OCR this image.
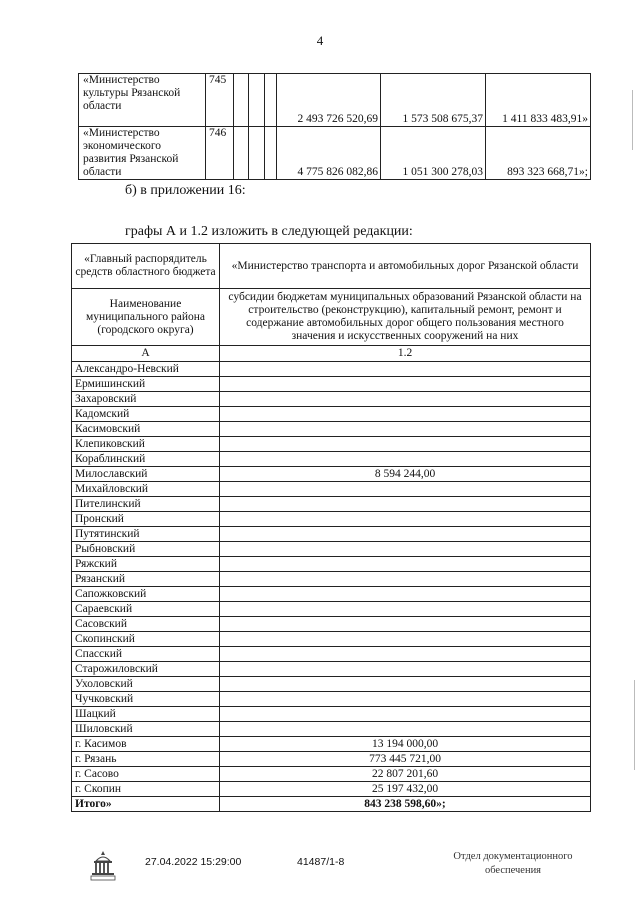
4
«Министерство культуры Рязанской области	745				2 493 726 520,69	1 573 508 675,37	1 411 833 483,91»
«Министерство экономического развития Рязанской области	746				4 775 826 082,86	1 051 300 278,03	893 323 668,71»;
б) в приложении 16:
графы А и 1.2 изложить в следующей редакции:
«Главный распорядитель средств областного бюджета	«Министерство транспорта и автомобильных дорог Рязанской области
Наименование муниципального района (городского округа)	субсидии бюджетам муниципальных образований Рязанской области на строительство (реконструкцию), капитальный ремонт, ремонт и содержание автомобильных дорог общего пользования местного значения и искусственных сооружений на них
А	1.2
Александро-Невский	
Ермишинский	
Захаровский	
Кадомский	
Касимовский	
Клепиковский	
Кораблинский	
Милославский	8 594 244,00
Михайловский	
Пителинский	
Пронский	
Путятинский	
Рыбновский	
Ряжский	
Рязанский	
Сапожковский	
Сараевский	
Сасовский	
Скопинский	
Спасский	
Старожиловский	
Ухоловский	
Чучковский	
Шацкий	
Шиловский	
г. Касимов	13 194 000,00
г. Рязань	773 445 721,00
г. Сасово	22 807 201,60
г. Скопин	25 197 432,00
Итого»	843 238 598,60»;
27.04.2022 15:29:00	41487/1-8	Отдел документационного обеспечения
